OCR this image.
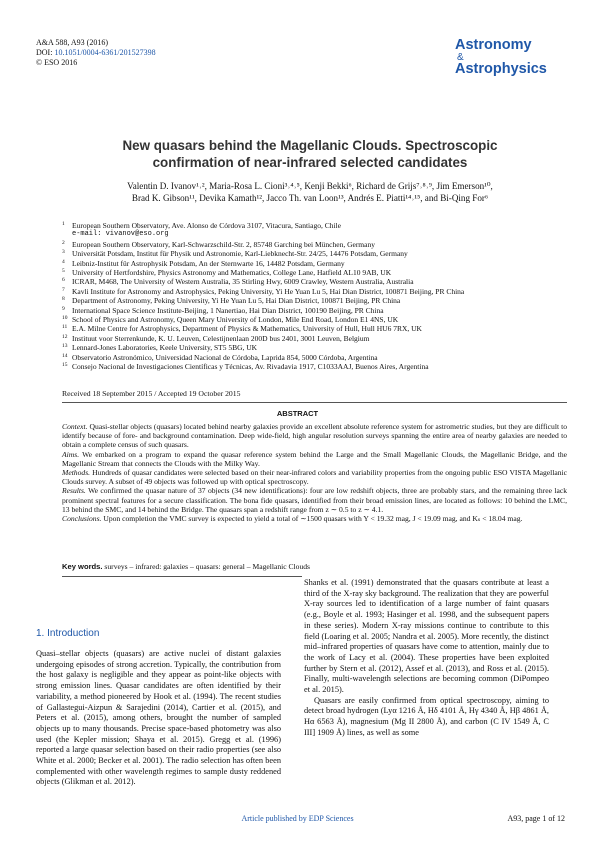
A&A 588, A93 (2016)
DOI: 10.1051/0004-6361/201527398
© ESO 2016
Astronomy
&
Astrophysics
New quasars behind the Magellanic Clouds. Spectroscopic confirmation of near-infrared selected candidates
Valentin D. Ivanov¹˒², Maria-Rosa L. Cioni³˒⁴˒⁵, Kenji Bekki⁶, Richard de Grijs⁷˒⁸˒⁹, Jim Emerson¹⁰, Brad K. Gibson¹¹, Devika Kamath¹², Jacco Th. van Loon¹³, Andrés E. Piatti¹⁴˒¹⁵, and Bi-Qing For⁶
1 European Southern Observatory, Ave. Alonso de Córdova 3107, Vitacura, Santiago, Chile
e-mail: vivanov@eso.org
2 European Southern Observatory, Karl-Schwarzschild-Str. 2, 85748 Garching bei München, Germany
3 Universität Potsdam, Institut für Physik und Astronomie, Karl-Liebknecht-Str. 24/25, 14476 Potsdam, Germany
4 Leibniz-Institut für Astrophysik Potsdam, An der Sternwarte 16, 14482 Potsdam, Germany
5 University of Hertfordshire, Physics Astronomy and Mathematics, College Lane, Hatfield AL10 9AB, UK
6 ICRAR, M468, The University of Western Australia, 35 Stirling Hwy, 6009 Crawley, Western Australia, Australia
7 Kavli Institute for Astronomy and Astrophysics, Peking University, Yi He Yuan Lu 5, Hai Dian District, 100871 Beijing, PR China
8 Department of Astronomy, Peking University, Yi He Yuan Lu 5, Hai Dian District, 100871 Beijing, PR China
9 International Space Science Institute-Beijing, 1 Nanertiao, Hai Dian District, 100190 Beijing, PR China
10 School of Physics and Astronomy, Queen Mary University of London, Mile End Road, London E1 4NS, UK
11 E.A. Milne Centre for Astrophysics, Department of Physics & Mathematics, University of Hull, Hull HU6 7RX, UK
12 Instituut voor Sterrenkunde, K. U. Leuven, Celestijnenlaan 200D bus 2401, 3001 Leuven, Belgium
13 Lennard-Jones Laboratories, Keele University, ST5 5BG, UK
14 Observatorio Astronómico, Universidad Nacional de Córdoba, Laprida 854, 5000 Córdoba, Argentina
15 Consejo Nacional de Investigaciones Científicas y Técnicas, Av. Rivadavia 1917, C1033AAJ, Buenos Aires, Argentina
Received 18 September 2015 / Accepted 19 October 2015
ABSTRACT

Context. Quasi-stellar objects (quasars) located behind nearby galaxies provide an excellent absolute reference system for astrometric studies, but they are difficult to identify because of fore- and background contamination. Deep wide-field, high angular resolution surveys spanning the entire area of nearby galaxies are needed to obtain a complete census of such quasars.

Aims. We embarked on a program to expand the quasar reference system behind the Large and the Small Magellanic Clouds, the Magellanic Bridge, and the Magellanic Stream that connects the Clouds with the Milky Way.

Methods. Hundreds of quasar candidates were selected based on their near-infrared colors and variability properties from the ongoing public ESO VISTA Magellanic Clouds survey. A subset of 49 objects was followed up with optical spectroscopy.

Results. We confirmed the quasar nature of 37 objects (34 new identifications): four are low redshift objects, three are probably stars, and the remaining three lack prominent spectral features for a secure classification. The bona fide quasars, identified from their broad emission lines, are located as follows: 10 behind the LMC, 13 behind the SMC, and 14 behind the Bridge. The quasars span a redshift range from z ∼ 0.5 to z ∼ 4.1.

Conclusions. Upon completion the VMC survey is expected to yield a total of ∼1500 quasars with Y < 19.32 mag, J < 19.09 mag, and Kₛ < 18.04 mag.

Key words. surveys – infrared: galaxies – quasars: general – Magellanic Clouds
1. Introduction

Quasi–stellar objects (quasars) are active nuclei of distant galaxies undergoing episodes of strong accretion. Typically, the contribution from the host galaxy is negligible and they appear as point-like objects with strong emission lines. Quasar candidates are often identified by their variability, a method pioneered by Hook et al. (1994). The recent studies of Gallastegui-Aizpun & Sarajedini (2014), Cartier et al. (2015), and Peters et al. (2015), among others, brought the number of sampled objects up to many thousands. Precise space-based photometry was also used (the Kepler mission; Shaya et al. 2015). Gregg et al. (1996) reported a large quasar selection based on their radio properties (see also White et al. 2000; Becker et al. 2001). The radio selection has often been complemented with other wavelength regimes to sample dusty reddened objects (Glikman et al. 2012).

Shanks et al. (1991) demonstrated that the quasars contribute at least a third of the X-ray sky background. The realization that they are powerful X-ray sources led to identification of a large number of faint quasars (e.g., Boyle et al. 1993; Hasinger et al. 1998, and the subsequent papers in these series). Modern X-ray missions continue to contribute to this field (Loaring et al. 2005; Nandra et al. 2005). More recently, the distinct mid–infrared properties of quasars have come to attention, mainly due to the work of Lacy et al. (2004). These properties have been exploited further by Stern et al. (2012), Assef et al. (2013), and Ross et al. (2015). Finally, multi-wavelength selections are becoming common (DiPompeo et al. 2015).

Quasars are easily confirmed from optical spectroscopy, aiming to detect broad hydrogen (Lyα 1216 Å, Hδ 4101 Å, Hγ 4340 Å, Hβ 4861 Å, Hα 6563 Å), magnesium (Mg II 2800 Å), and carbon (C IV 1549 Å, C III] 1909 Å) lines, as well as some

Article published by EDP Sciences	A93, page 1 of 12
